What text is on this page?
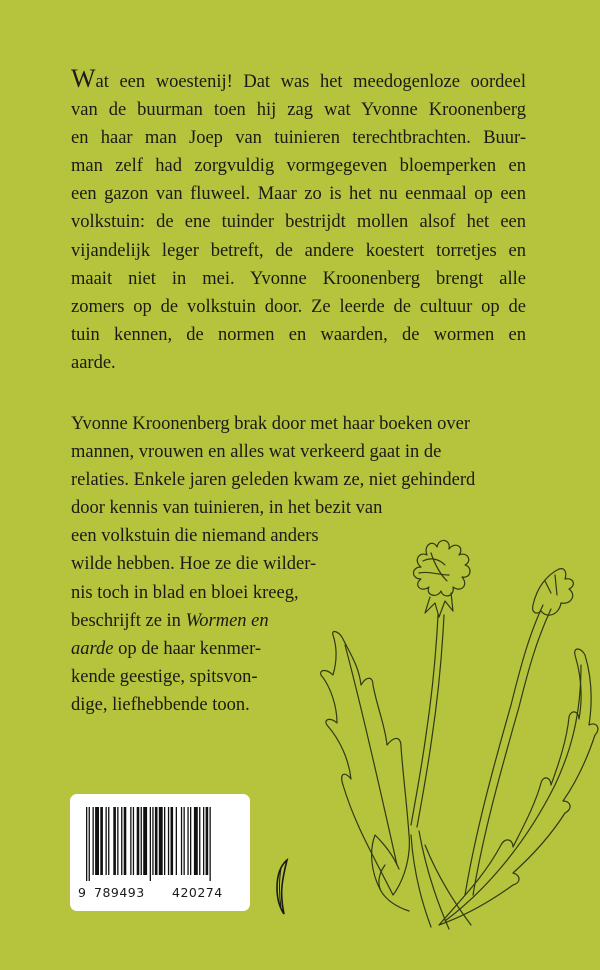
Wat een woestenij! Dat was het meedogenloze oordeel
van de buurman toen hij zag wat Yvonne Kroonenberg
en haar man Joep van tuinieren terechtbrachten. Buur-
man zelf had zorgvuldig vormgegeven bloemperken en
een gazon van fluweel. Maar zo is het nu eenmaal op een
volkstuin: de ene tuinder bestrijdt mollen alsof het een
vijandelijk leger betreft, de andere koestert torretjes en
maait niet in mei. Yvonne Kroonenberg brengt alle
zomers op de volkstuin door. Ze leerde de cultuur op de
tuin kennen, de normen en waarden, de wormen en
aarde.

Yvonne Kroonenberg brak door met haar boeken over
mannen, vrouwen en alles wat verkeerd gaat in de
relaties. Enkele jaren geleden kwam ze, niet gehinderd
door kennis van tuinieren, in het bezit van
een volkstuin die niemand anders
wilde hebben. Hoe ze die wilder-
nis toch in blad en bloei kreeg,
beschrijft ze in Wormen en
aarde op de haar kenmer-
kende geestige, spitsvon-
dige, liefhebbende toon.

9 789493 420274
